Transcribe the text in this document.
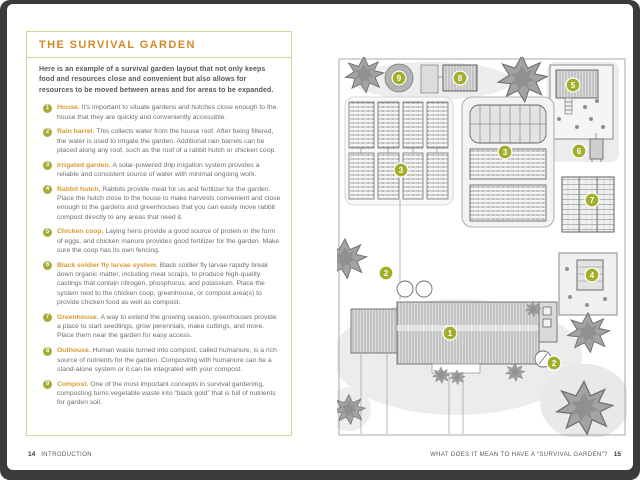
THE SURVIVAL GARDEN

Here is an example of a survival garden layout that not only keeps food and resources close and convenient but also allows for resources to be moved between areas and for areas to be expanded.

1	House. It’s important to situate gardens and hutches close enough to the house that they are quickly and conveniently accessible.
2	Rain barrel. This collects water from the house roof. After being filtered, the water is used to irrigate the garden. Additional rain barrels can be placed along any roof, such as the roof of a rabbit hutch or chicken coop.
3	Irrigated garden. A solar-powered drip irrigation system provides a reliable and consistent source of water with minimal ongoing work.
4	Rabbit hutch. Rabbits provide meat for us and fertilizer for the garden. Place the hutch close to the house to make harvests convenient and close enough to the gardens and greenhouses that you can easily move rabbit compost directly to any areas that need it.
5	Chicken coop. Laying hens provide a good source of protein in the form of eggs, and chicken manure provides good fertilizer for the garden. Make sure the coop has its own fencing.
6	Black soldier fly larvae system. Black soldier fly larvae rapidly break down organic matter, including meat scraps, to produce high-quality castings that contain nitrogen, phosphorus, and potassium. Place the system next to the chicken coop, greenhouse, or compost area(s) to provide chicken food as well as compost.
7	Greenhouse. A way to extend the growing season, greenhouses provide a place to start seedlings, grow perennials, make cuttings, and more. Place them near the garden for easy access.
8	Outhouse. Human waste turned into compost, called humanure, is a rich source of nutrients for the garden. Composting with humanure can be a stand-alone system or it can be integrated with your compost.
9	Compost. One of the most important concepts in survival gardening, composting turns vegetable waste into “black gold” that is full of nutrients for garden soil.
14 INTRODUCTION
9	8
5
6
3
3
7
2	4
1
2
WHAT DOES IT MEAN TO HAVE A “SURVIVAL GARDEN”? 15
